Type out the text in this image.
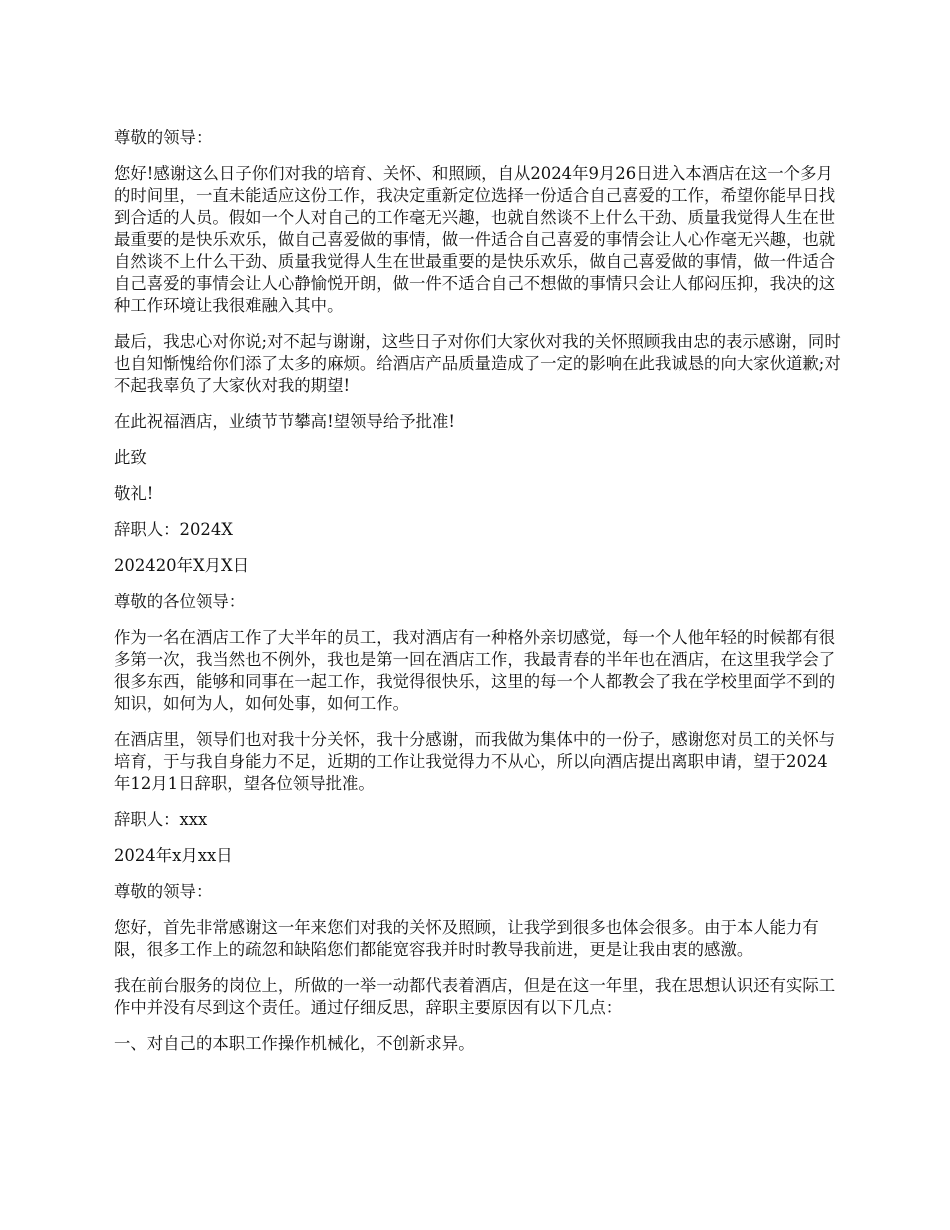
尊敬的领导：

您好!感谢这么日子你们对我的培育、关怀、和照顾，自从2024年9月26日进入本酒店在这一个多月的时间里，一直未能适应这份工作，我决定重新定位选择一份适合自己喜爱的工作，希望你能早日找到合适的人员。假如一个人对自己的工作毫无兴趣，也就自然谈不上什么干劲、质量我觉得人生在世最重要的是快乐欢乐，做自己喜爱做的事情，做一件适合自己喜爱的事情会让人心作毫无兴趣，也就自然谈不上什么干劲、质量我觉得人生在世最重要的是快乐欢乐，做自己喜爱做的事情，做一件适合自己喜爱的事情会让人心静愉悦开朗，做一件不适合自己不想做的事情只会让人郁闷压抑，我决的这种工作环境让我很难融入其中。

最后，我忠心对你说;对不起与谢谢，这些日子对你们大家伙对我的关怀照顾我由忠的表示感谢，同时也自知惭愧给你们添了太多的麻烦。给酒店产品质量造成了一定的影响在此我诚恳的向大家伙道歉;对不起我辜负了大家伙对我的期望!

在此祝福酒店，业绩节节攀高!望领导给予批准!

此致

敬礼!

辞职人：2024X

202420年X月X日

尊敬的各位领导：

作为一名在酒店工作了大半年的员工，我对酒店有一种格外亲切感觉，每一个人他年轻的时候都有很多第一次，我当然也不例外，我也是第一回在酒店工作，我最青春的半年也在酒店，在这里我学会了很多东西，能够和同事在一起工作，我觉得很快乐，这里的每一个人都教会了我在学校里面学不到的知识，如何为人，如何处事，如何工作。

在酒店里，领导们也对我十分关怀，我十分感谢，而我做为集体中的一份子，感谢您对员工的关怀与培育，于与我自身能力不足，近期的工作让我觉得力不从心，所以向酒店提出离职申请，望于2024年12月1日辞职，望各位领导批准。

辞职人：xxx

2024年x月xx日

尊敬的领导：

您好，首先非常感谢这一年来您们对我的关怀及照顾，让我学到很多也体会很多。由于本人能力有限，很多工作上的疏忽和缺陷您们都能宽容我并时时教导我前进，更是让我由衷的感激。

我在前台服务的岗位上，所做的一举一动都代表着酒店，但是在这一年里，我在思想认识还有实际工作中并没有尽到这个责任。通过仔细反思，辞职主要原因有以下几点：

一、对自己的本职工作操作机械化，不创新求异。
